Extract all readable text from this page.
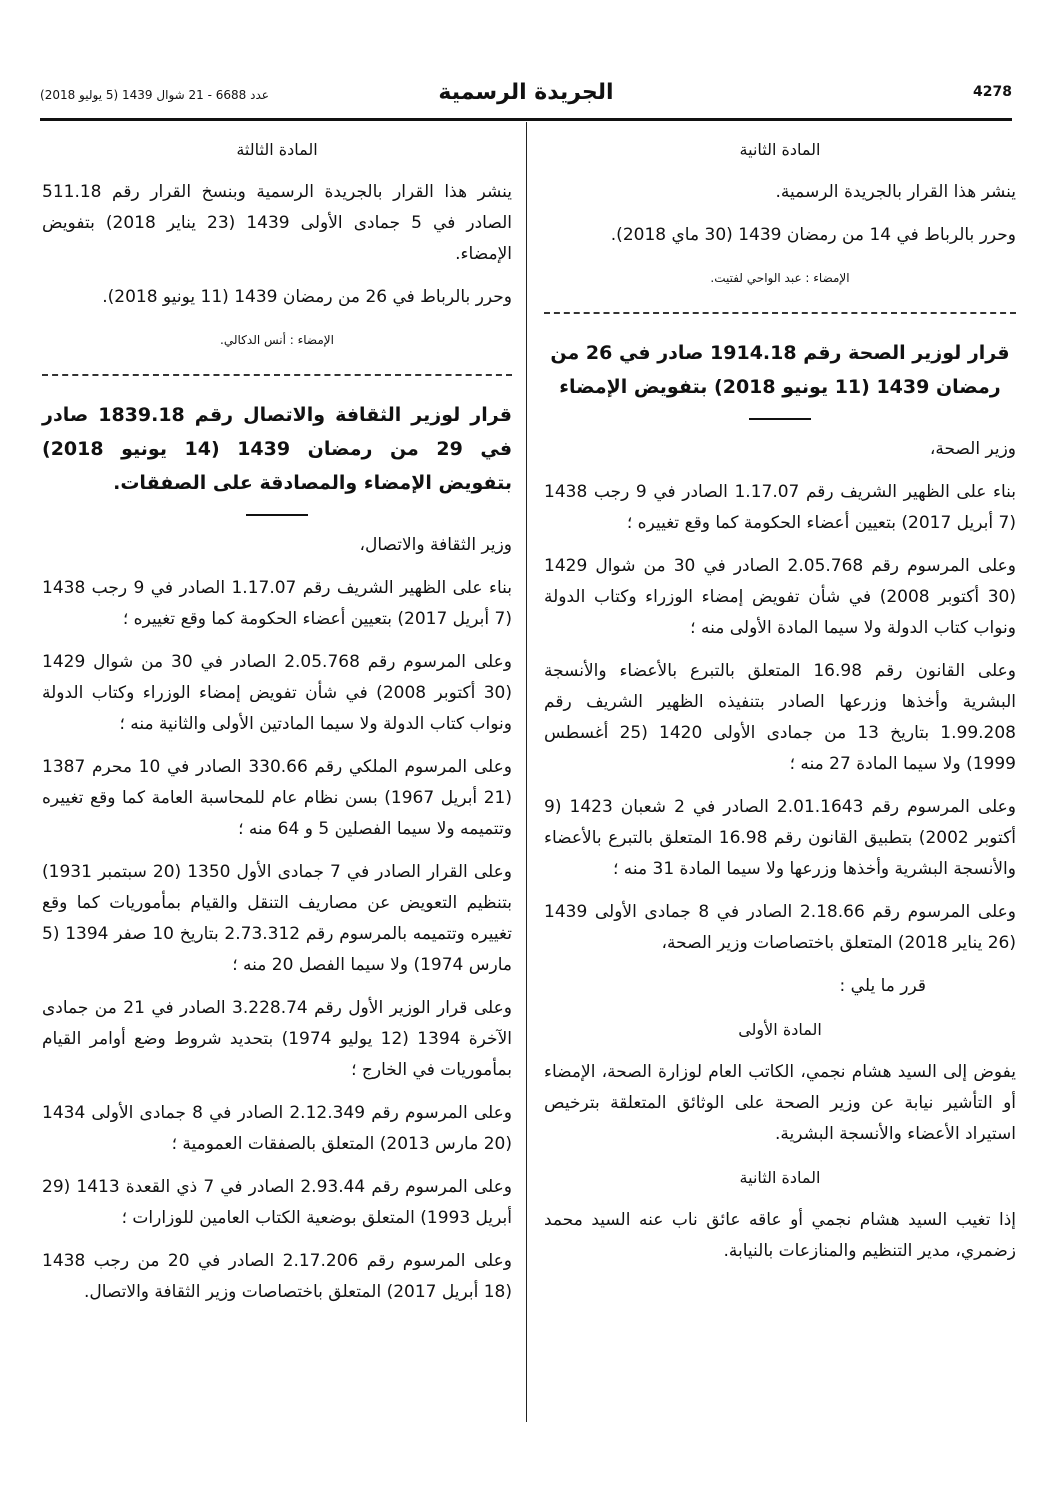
4278
الجريدة الرسمية
عدد 6688 - 21 شوال 1439 (5 يوليو 2018)
المادة الثانية

ينشر هذا القرار بالجريدة الرسمية.

وحرر بالرباط في 14 من رمضان 1439 (30 ماي 2018).

الإمضاء : عبد الواحي لفتيت.
قرار لوزير الصحة رقم 1914.18 صادر في 26 من رمضان 1439 (11 يونيو 2018) بتفويض الإمضاء

وزير الصحة،

بناء على الظهير الشريف رقم 1.17.07 الصادر في 9 رجب 1438 (7 أبريل 2017) بتعيين أعضاء الحكومة كما وقع تغييره ؛

وعلى المرسوم رقم 2.05.768 الصادر في 30 من شوال 1429 (30 أكتوبر 2008) في شأن تفويض إمضاء الوزراء وكتاب الدولة ونواب كتاب الدولة ولا سيما المادة الأولى منه ؛

وعلى القانون رقم 16.98 المتعلق بالتبرع بالأعضاء والأنسجة البشرية وأخذها وزرعها الصادر بتنفيذه الظهير الشريف رقم 1.99.208 بتاريخ 13 من جمادى الأولى 1420 (25 أغسطس 1999) ولا سيما المادة 27 منه ؛

وعلى المرسوم رقم 2.01.1643 الصادر في 2 شعبان 1423 (9 أكتوبر 2002) بتطبيق القانون رقم 16.98 المتعلق بالتبرع بالأعضاء والأنسجة البشرية وأخذها وزرعها ولا سيما المادة 31 منه ؛

وعلى المرسوم رقم 2.18.66 الصادر في 8 جمادى الأولى 1439 (26 يناير 2018) المتعلق باختصاصات وزير الصحة،

قرر ما يلي :

المادة الأولى

يفوض إلى السيد هشام نجمي، الكاتب العام لوزارة الصحة، الإمضاء أو التأشير نيابة عن وزير الصحة على الوثائق المتعلقة بترخيص استيراد الأعضاء والأنسجة البشرية.

المادة الثانية

إذا تغيب السيد هشام نجمي أو عاقه عائق ناب عنه السيد محمد زضمري، مدير التنظيم والمنازعات بالنيابة.

المادة الثالثة

ينشر هذا القرار بالجريدة الرسمية وبنسخ القرار رقم 511.18 الصادر في 5 جمادى الأولى 1439 (23 يناير 2018) بتفويض الإمضاء.

وحرر بالرباط في 26 من رمضان 1439 (11 يونيو 2018).

الإمضاء : أنس الدكالي.
قرار لوزير الثقافة والاتصال رقم 1839.18 صادر في 29 من رمضان 1439 (14 يونيو 2018) بتفويض الإمضاء والمصادقة على الصفقات.

وزير الثقافة والاتصال،

بناء على الظهير الشريف رقم 1.17.07 الصادر في 9 رجب 1438 (7 أبريل 2017) بتعيين أعضاء الحكومة كما وقع تغييره ؛

وعلى المرسوم رقم 2.05.768 الصادر في 30 من شوال 1429 (30 أكتوبر 2008) في شأن تفويض إمضاء الوزراء وكتاب الدولة ونواب كتاب الدولة ولا سيما المادتين الأولى والثانية منه ؛

وعلى المرسوم الملكي رقم 330.66 الصادر في 10 محرم 1387 (21 أبريل 1967) بسن نظام عام للمحاسبة العامة كما وقع تغييره وتتميمه ولا سيما الفصلين 5 و 64 منه ؛

وعلى القرار الصادر في 7 جمادى الأول 1350 (20 سبتمبر 1931) بتنظيم التعويض عن مصاريف التنقل والقيام بمأموريات كما وقع تغييره وتتميمه بالمرسوم رقم 2.73.312 بتاريخ 10 صفر 1394 (5 مارس 1974) ولا سيما الفصل 20 منه ؛

وعلى قرار الوزير الأول رقم 3.228.74 الصادر في 21 من جمادى الآخرة 1394 (12 يوليو 1974) بتحديد شروط وضع أوامر القيام بمأموريات في الخارج ؛

وعلى المرسوم رقم 2.12.349 الصادر في 8 جمادى الأولى 1434 (20 مارس 2013) المتعلق بالصفقات العمومية ؛

وعلى المرسوم رقم 2.93.44 الصادر في 7 ذي القعدة 1413 (29 أبريل 1993) المتعلق بوضعية الكتاب العامين للوزارات ؛

وعلى المرسوم رقم 2.17.206 الصادر في 20 من رجب 1438 (18 أبريل 2017) المتعلق باختصاصات وزير الثقافة والاتصال.
